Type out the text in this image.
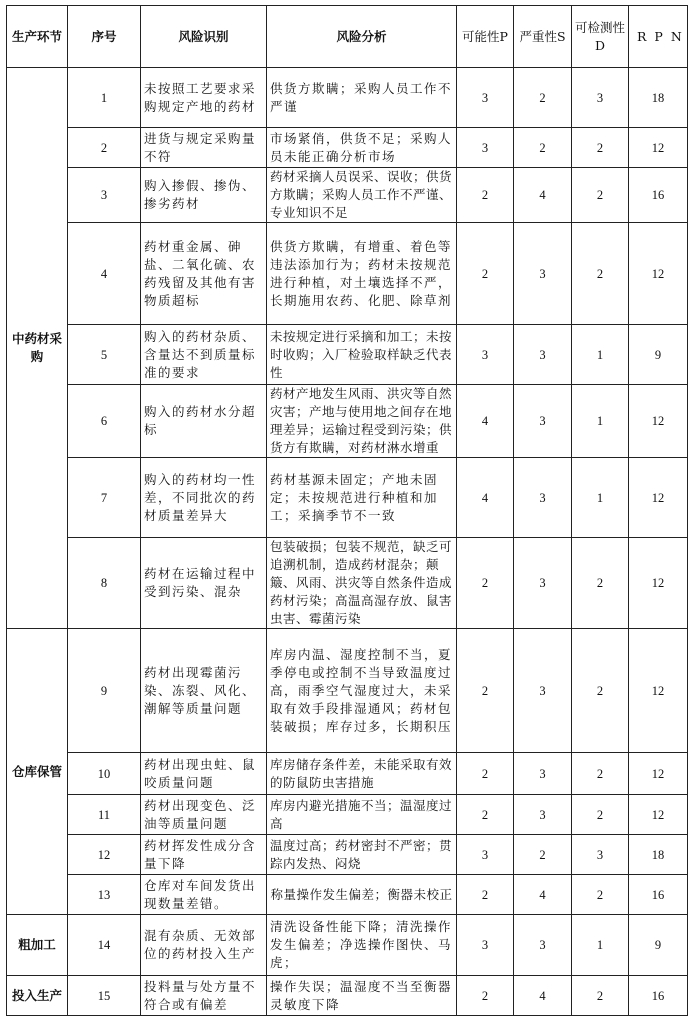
生产环节	序号	风险识别	风险分析	可能性P	严重性S	可检测性D	RPN
中药材采购	1	未按照工艺要求采购规定产地的药材	供货方欺瞒；采购人员工作不严谨	3	2	3	18
	2	进货与规定采购量不符	市场紧俏，供货不足；采购人员未能正确分析市场	3	2	2	12
	3	购入掺假、掺伪、掺劣药材	药材采摘人员误采、误收；供货方欺瞒；采购人员工作不严谨、专业知识不足	2	4	2	16
	4	药材重金属、砷盐、二氧化硫、农药残留及其他有害物质超标	供货方欺瞒，有增重、着色等违法添加行为；药材未按规范进行种植，对土壤选择不严，长期施用农药、化肥、除草剂	2	3	2	12
	5	购入的药材杂质、含量达不到质量标准的要求	未按规定进行采摘和加工；未按时收购；入厂检验取样缺乏代表性	3	3	1	9
	6	购入的药材水分超标	药材产地发生风雨、洪灾等自然灾害；产地与使用地之间存在地理差异；运输过程受到污染；供货方有欺瞒，对药材淋水增重	4	3	1	12
	7	购入的药材均一性差，不同批次的药材质量差异大	药材基源未固定；产地未固定；未按规范进行种植和加工；采摘季节不一致	4	3	1	12
	8	药材在运输过程中受到污染、混杂	包装破损；包装不规范，缺乏可追溯机制，造成药材混杂；颠簸、风雨、洪灾等自然条件造成药材污染；高温高湿存放、鼠害虫害、霉菌污染	2	3	2	12
仓库保管	9	药材出现霉菌污染、冻裂、风化、潮解等质量问题	库房内温、湿度控制不当，夏季停电或控制不当导致温度过高，雨季空气湿度过大，未采取有效手段排湿通风；药材包装破损；库存过多，长期积压	2	3	2	12
	10	药材出现虫蛀、鼠咬质量问题	库房储存条件差，未能采取有效的防鼠防虫害措施	2	3	2	12
	11	药材出现变色、泛油等质量问题	库房内避光措施不当；温湿度过高	2	3	2	12
	12	药材挥发性成分含量下降	温度过高；药材密封不严密；贯踪内发热、闷烧	3	2	3	18
	13	仓库对车间发货出现数量差错。	称量操作发生偏差；衡器未校正	2	4	2	16
粗加工	14	混有杂质、无效部位的药材投入生产	清洗设备性能下降；清洗操作发生偏差；净选操作图快、马虎；	3	3	1	9
投入生产	15	投料量与处方量不符合或有偏差	操作失误；温湿度不当至衡器灵敏度下降	2	4	2	16
